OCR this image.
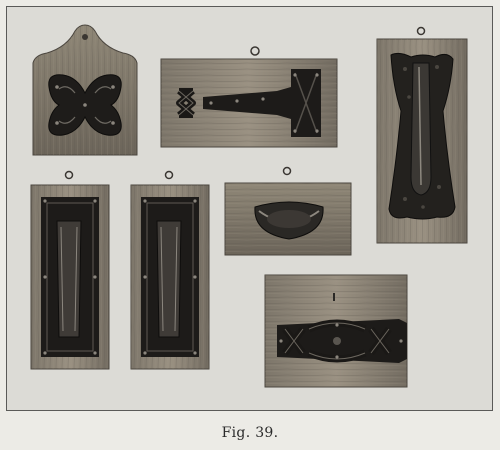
Fig. 39.
